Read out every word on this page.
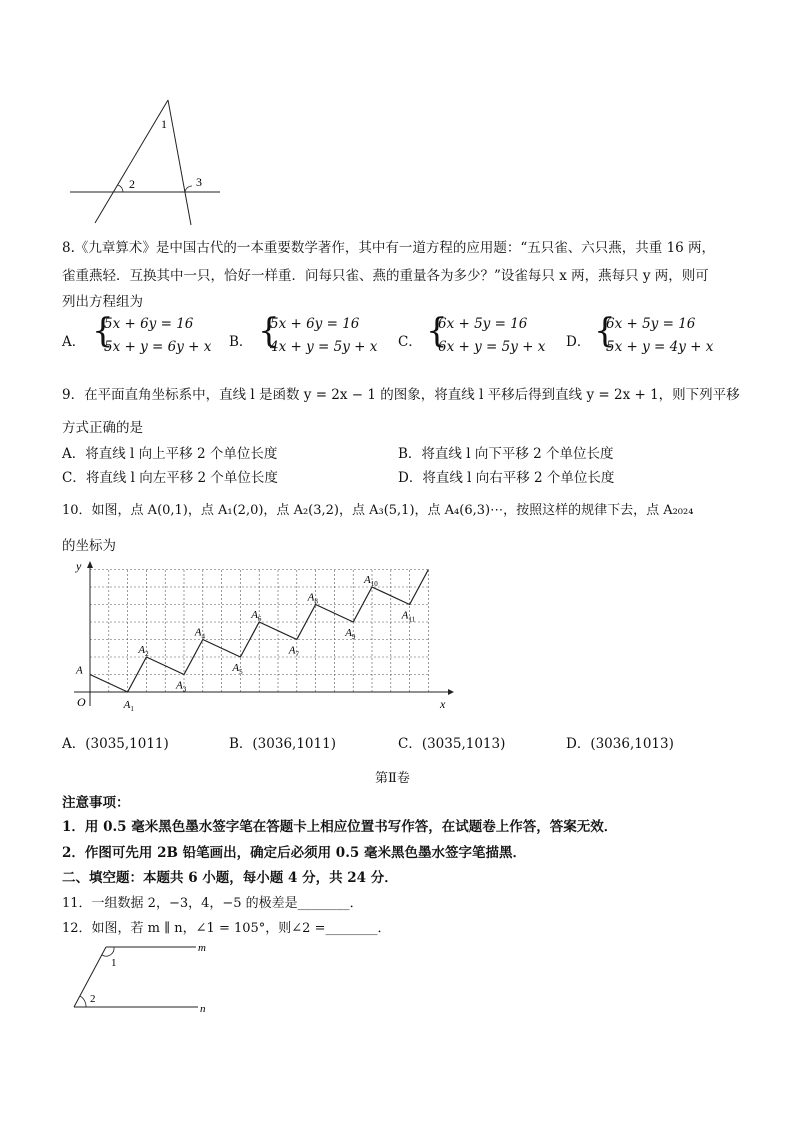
1
2	3
8.《九章算术》是中国古代的一本重要数学著作，其中有一道方程的应用题：“五只雀、六只燕，共重 16 两，
雀重燕轻．互换其中一只，恰好一样重．问每只雀、燕的重量各为多少？”设雀每只 x 两，燕每只 y 两，则可
列出方程组为
A． {
5x + 6y = 16
5x + y = 6y + x B． {
5x + 6y = 16
4x + y = 5y + x C． {
6x + 5y = 16
6x + y = 5y + x D． {
6x + 5y = 16
5x + y = 4y + x
9．在平面直角坐标系中，直线 l 是函数 y = 2x − 1 的图象，将直线 l 平移后得到直线 y = 2x + 1，则下列平移
方式正确的是
A．将直线 l 向上平移 2 个单位长度	B．将直线 l 向下平移 2 个单位长度
C．将直线 l 向左平移 2 个单位长度	D．将直线 l 向右平移 2 个单位长度
10．如图，点 A(0,1)，点 A₁(2,0)，点 A₂(3,2)，点 A₃(5,1)，点 A₄(6,3)⋯，按照这样的规律下去，点 A₂₀₂₄
的坐标为
x
y
O
A
$A_1$
$A_2$
$A_3$
$A_4$
$A_5$
$A_6$
$A_7$
$A_8$
$A_9$
$A_{10}$
$A_{11}$
A．(3035,1011)	B．(3036,1011)	C．(3035,1013)	D．(3036,1013)
第Ⅱ卷
注意事项：
1．用 0.5 毫米黑色墨水签字笔在答题卡上相应位置书写作答，在试题卷上作答，答案无效．
2．作图可先用 2B 铅笔画出，确定后必须用 0.5 毫米黑色墨水签字笔描黑．
二、填空题：本题共 6 小题，每小题 4 分，共 24 分．
11．一组数据 2，−3，4，−5 的极差是________．
12．如图，若 m ∥ n，∠1 = 105°，则∠2 =________．
m
n
1
2
